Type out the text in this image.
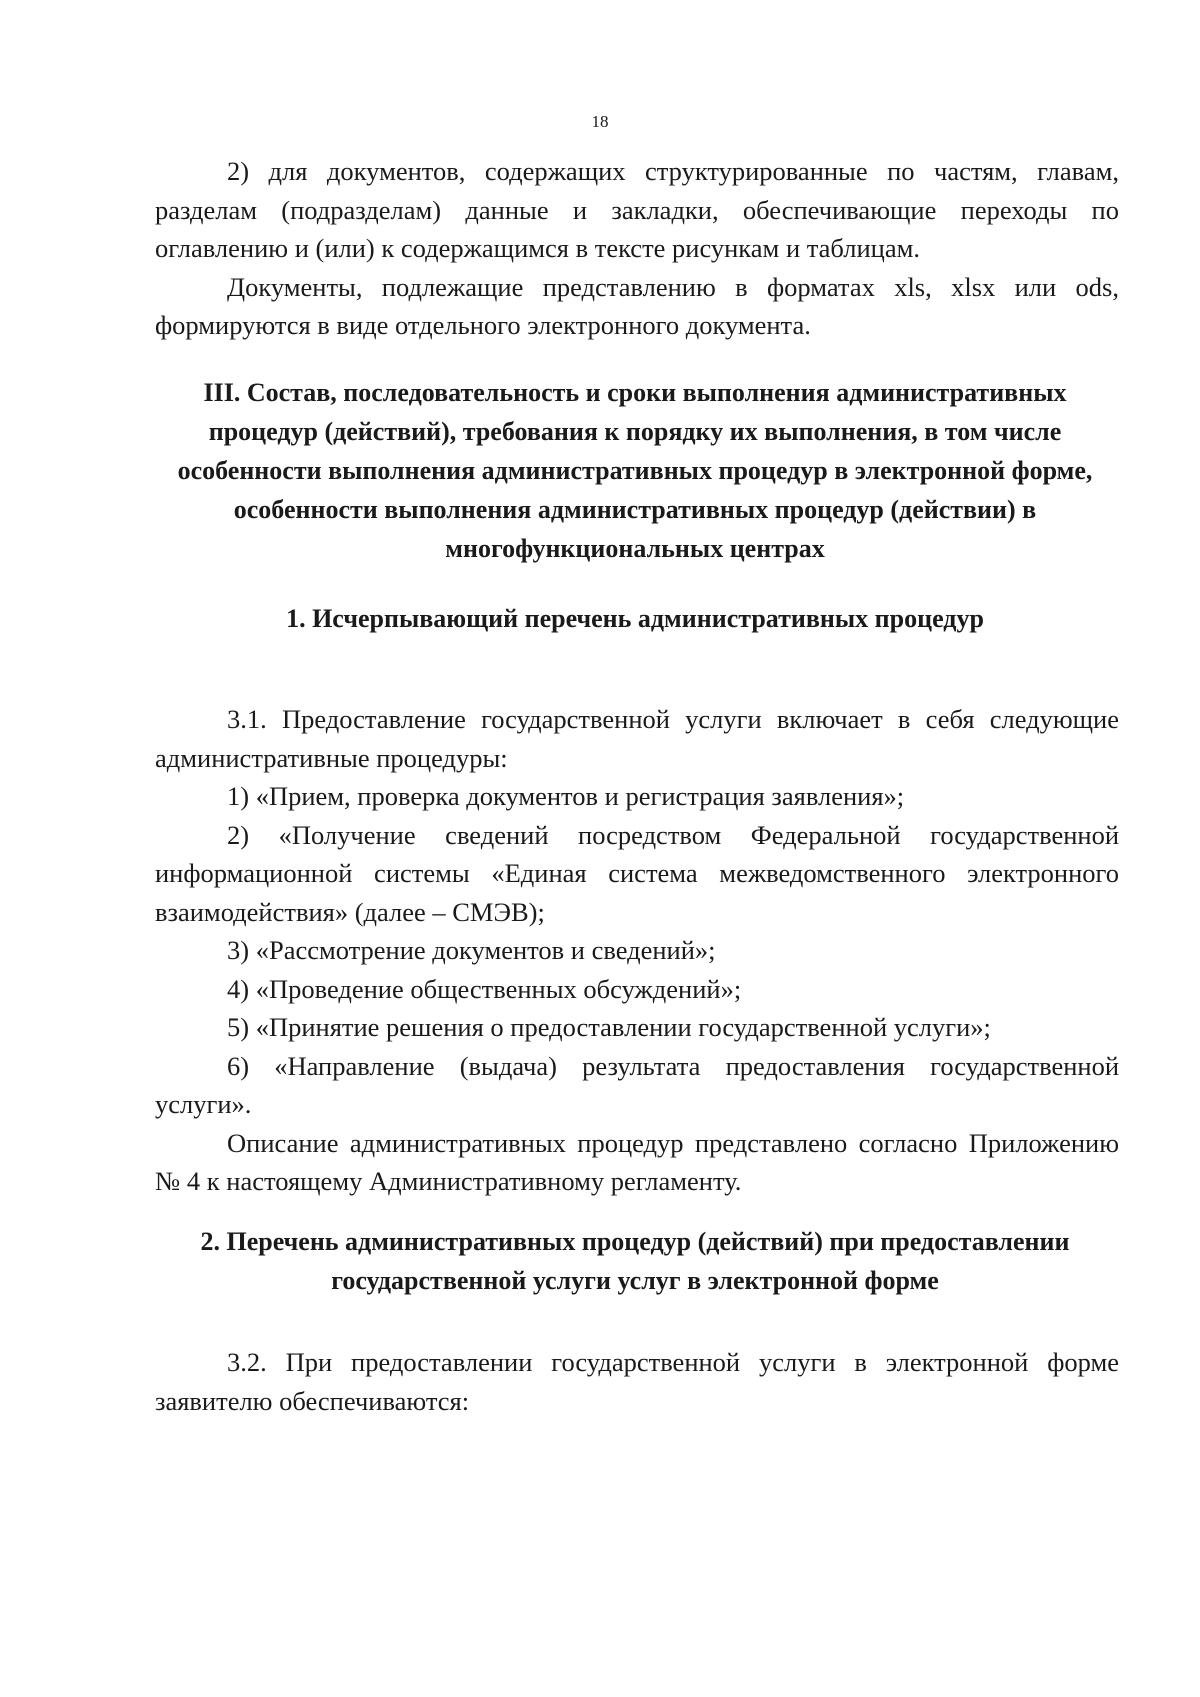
18

2) для документов, содержащих структурированные по частям, главам, разделам (подразделам) данные и закладки, обеспечивающие переходы по оглавлению и (или) к содержащимся в тексте рисункам и таблицам.

Документы, подлежащие представлению в форматах xls, xlsx или ods, формируются в виде отдельного электронного документа.

III. Состав, последовательность и сроки выполнения административных процедур (действий), требования к порядку их выполнения, в том числе особенности выполнения административных процедур в электронной форме, особенности выполнения административных процедур (действии) в многофункциональных центрах

1. Исчерпывающий перечень административных процедур

3.1. Предоставление государственной услуги включает в себя следующие административные процедуры:

1) «Прием, проверка документов и регистрация заявления»;

2) «Получение сведений посредством Федеральной государственной информационной системы «Единая система межведомственного электронного взаимодействия» (далее – СМЭВ);

3) «Рассмотрение документов и сведений»;

4) «Проведение общественных обсуждений»;

5) «Принятие решения о предоставлении государственной услуги»;

6) «Направление (выдача) результата предоставления государственной услуги».

Описание административных процедур представлено согласно Приложению № 4 к настоящему Административному регламенту.

2. Перечень административных процедур (действий) при предоставлении государственной услуги услуг в электронной форме

3.2. При предоставлении государственной услуги в электронной форме заявителю обеспечиваются:
